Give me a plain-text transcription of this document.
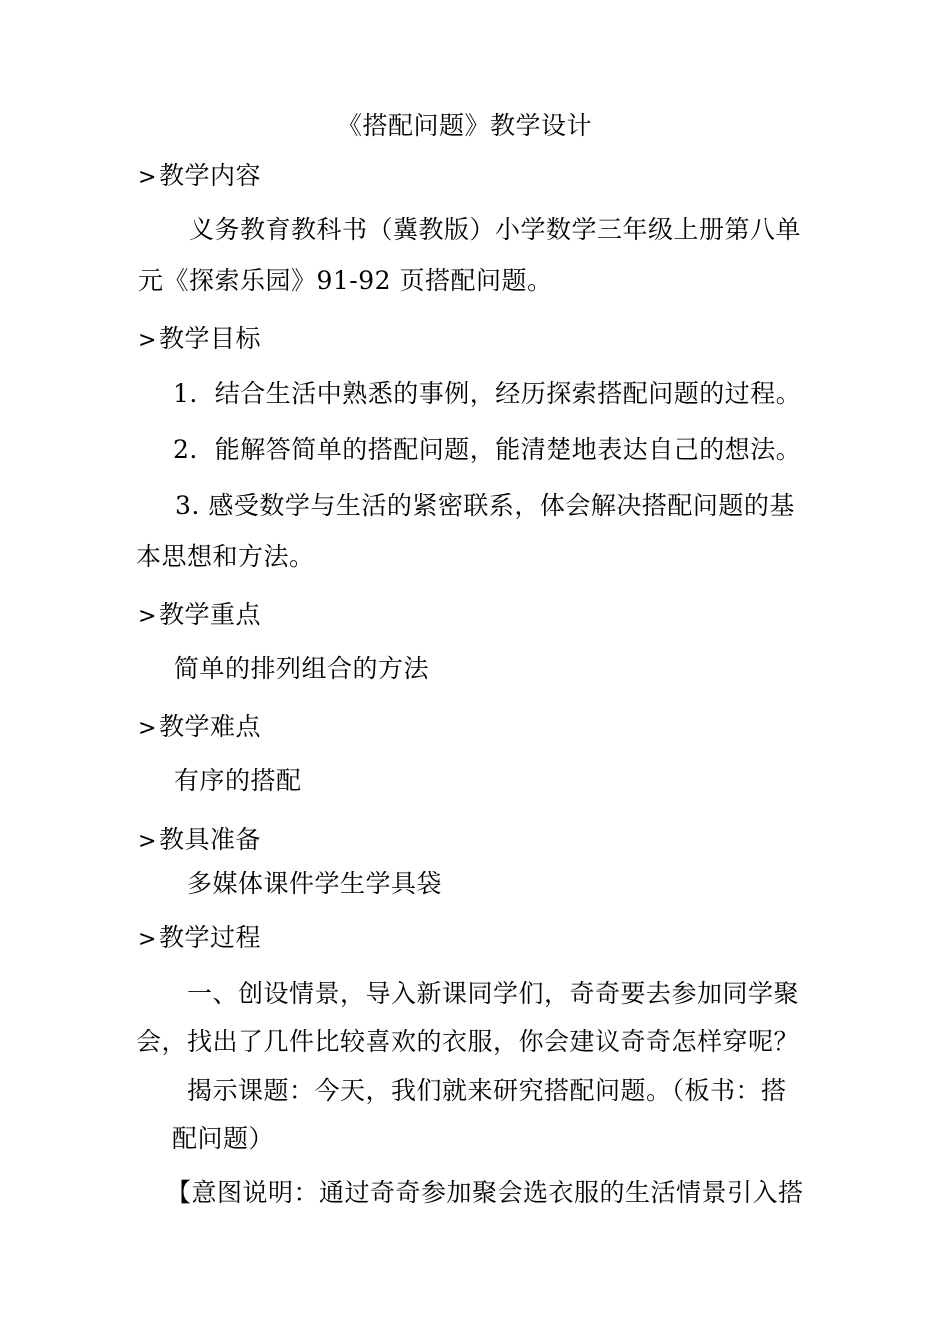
《搭配问题》教学设计
>教学内容
义务教育教科书（冀教版）小学数学三年级上册第八单
元《探索乐园》91-92 页搭配问题。
>教学目标
1. 结合生活中熟悉的事例，经历探索搭配问题的过程。
2. 能解答简单的搭配问题，能清楚地表达自己的想法。
3. 感受数学与生活的紧密联系，体会解决搭配问题的基
本思想和方法。
>教学重点
简单的排列组合的方法
>教学难点
有序的搭配
>教具准备
多媒体课件学生学具袋
>教学过程
一、创设情景，导入新课同学们，奇奇要去参加同学聚
会，找出了几件比较喜欢的衣服，你会建议奇奇怎样穿呢？
揭示课题：今天，我们就来研究搭配问题。（板书：搭
配问题）
【意图说明：通过奇奇参加聚会选衣服的生活情景引入搭
